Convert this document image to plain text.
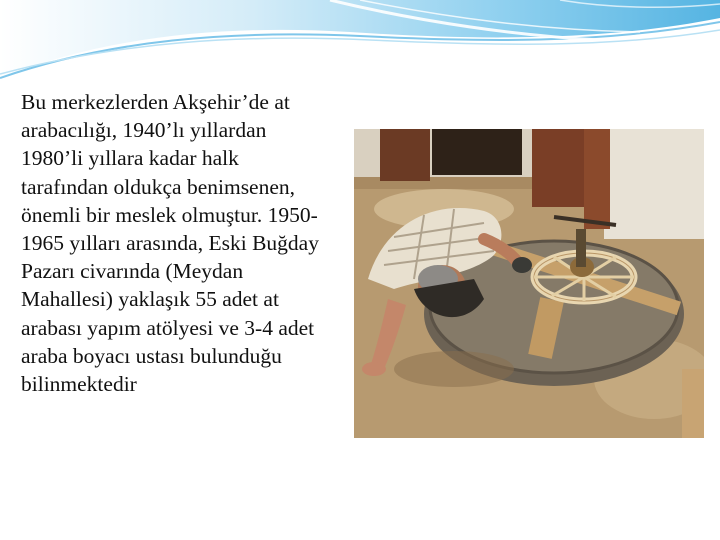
Bu merkezlerden Akşehir’de at arabacılığı, 1940’lı yıllardan 1980’li yıllara kadar halk tarafından oldukça benimsenen, önemli bir meslek olmuştur. 1950-1965 yılları arasında, Eski Buğday Pazarı civarında (Meydan Mahallesi) yaklaşık 55 adet at arabası yapım atölyesi ve 3-4 adet araba boyacı ustası bulunduğu bilinmektedir
